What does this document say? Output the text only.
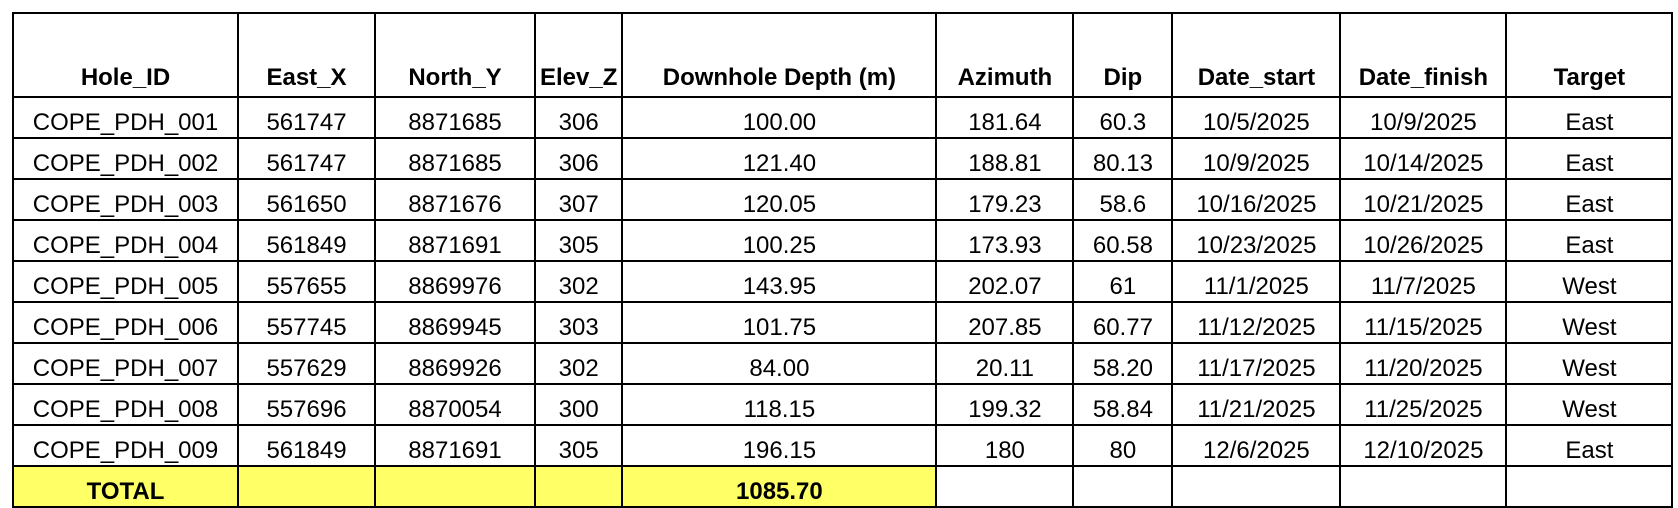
Hole_ID	East_X	North_Y	Elev_Z	Downhole Depth (m)	Azimuth	Dip	Date_start	Date_finish	Target
COPE_PDH_001	561747	8871685	306	100.00	181.64	60.3	10/5/2025	10/9/2025	East
COPE_PDH_002	561747	8871685	306	121.40	188.81	80.13	10/9/2025	10/14/2025	East
COPE_PDH_003	561650	8871676	307	120.05	179.23	58.6	10/16/2025	10/21/2025	East
COPE_PDH_004	561849	8871691	305	100.25	173.93	60.58	10/23/2025	10/26/2025	East
COPE_PDH_005	557655	8869976	302	143.95	202.07	61	11/1/2025	11/7/2025	West
COPE_PDH_006	557745	8869945	303	101.75	207.85	60.77	11/12/2025	11/15/2025	West
COPE_PDH_007	557629	8869926	302	84.00	20.11	58.20	11/17/2025	11/20/2025	West
COPE_PDH_008	557696	8870054	300	118.15	199.32	58.84	11/21/2025	11/25/2025	West
COPE_PDH_009	561849	8871691	305	196.15	180	80	12/6/2025	12/10/2025	East
TOTAL				1085.70					
